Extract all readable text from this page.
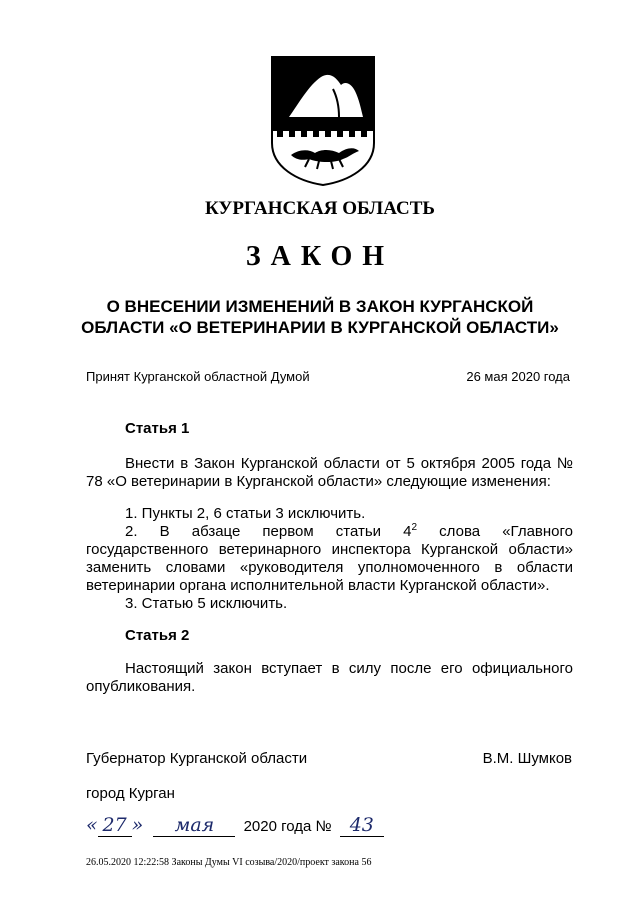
КУРГАНСКАЯ ОБЛАСТЬ
ЗАКОН
О ВНЕСЕНИИ ИЗМЕНЕНИЙ В ЗАКОН КУРГАНСКОЙ
ОБЛАСТИ «О ВЕТЕРИНАРИИ В КУРГАНСКОЙ ОБЛАСТИ»
Принят Курганской областной Думой	26 мая 2020 года
Статья 1
Внести в Закон Курганской области от 5 октября 2005 года № 78 «О ветеринарии в Курганской области» следующие изменения:
1. Пункты 2, 6 статьи 3 исключить.
2. В абзаце первом статьи $4^2$ слова «Главного государственного ветеринарного инспектора Курганской области» заменить словами «руководителя уполномоченного в области ветеринарии органа исполнительной власти Курганской области».
3. Статью 5 исключить.
Статья 2
Настоящий закон вступает в силу после его официального опубликования.
Губернатор Курганской области	В.М. Шумков
город Курган
« 27 » мая 2020 года № 43
26.05.2020 12:22:58 Законы Думы VI созыва/2020/проект закона 56
